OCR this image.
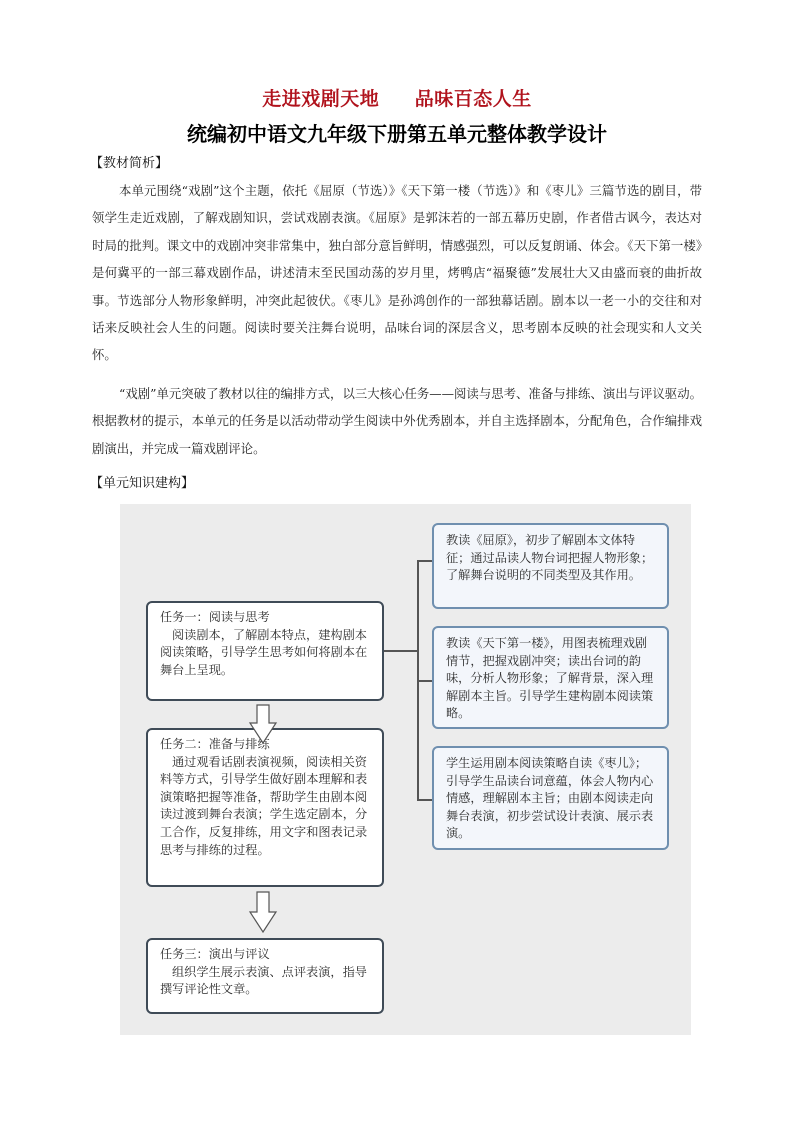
走进戏剧天地     品味百态人生
统编初中语文九年级下册第五单元整体教学设计
【教材简析】
本单元围绕“戏剧”这个主题，依托《屈原（节选）》《天下第一楼（节选）》和《枣儿》三篇节选的剧目，带领学生走近戏剧，了解戏剧知识，尝试戏剧表演。《屈原》是郭沫若的一部五幕历史剧，作者借古讽今，表达对时局的批判。课文中的戏剧冲突非常集中，独白部分意旨鲜明，情感强烈，可以反复朗诵、体会。《天下第一楼》是何冀平的一部三幕戏剧作品，讲述清末至民国动荡的岁月里，烤鸭店“福聚德”发展壮大又由盛而衰的曲折故事。节选部分人物形象鲜明，冲突此起彼伏。《枣儿》是孙鸿创作的一部独幕话剧。剧本以一老一小的交往和对话来反映社会人生的问题。阅读时要关注舞台说明，品味台词的深层含义，思考剧本反映的社会现实和人文关怀。
“戏剧”单元突破了教材以往的编排方式，以三大核心任务——阅读与思考、准备与排练、演出与评议驱动。根据教材的提示，本单元的任务是以活动带动学生阅读中外优秀剧本，并自主选择剧本，分配角色，合作编排戏剧演出，并完成一篇戏剧评论。
【单元知识建构】
任务一：阅读与思考
阅读剧本，了解剧本特点，建构剧本阅读策略，引导学生思考如何将剧本在舞台上呈现。
任务二：准备与排练
通过观看话剧表演视频，阅读相关资料等方式，引导学生做好剧本理解和表演策略把握等准备，帮助学生由剧本阅读过渡到舞台表演；学生选定剧本，分工合作，反复排练，用文字和图表记录思考与排练的过程。
任务三：演出与评议
组织学生展示表演、点评表演，指导撰写评论性文章。
教读《屈原》，初步了解剧本文体特征；通过品读人物台词把握人物形象；了解舞台说明的不同类型及其作用。
教读《天下第一楼》，用图表梳理戏剧情节，把握戏剧冲突；读出台词的韵味，分析人物形象；了解背景，深入理解剧本主旨。引导学生建构剧本阅读策略。
学生运用剧本阅读策略自读《枣儿》；引导学生品读台词意蕴，体会人物内心情感，理解剧本主旨；由剧本阅读走向舞台表演，初步尝试设计表演、展示表演。
